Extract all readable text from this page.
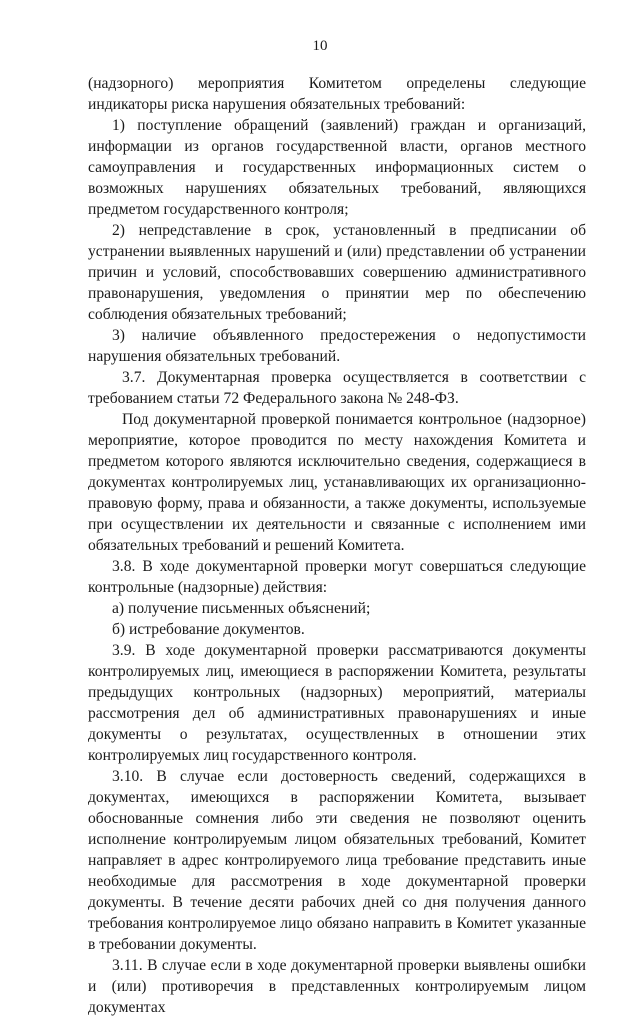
10

(надзорного) мероприятия Комитетом определены следующие индикаторы риска нарушения обязательных требований:

1) поступление обращений (заявлений) граждан и организаций, информации из органов государственной власти, органов местного самоуправления и государственных информационных систем о возможных нарушениях обязательных требований, являющихся предметом государственного контроля;

2) непредставление в срок, установленный в предписании об устранении выявленных нарушений и (или) представлении об устранении причин и условий, способствовавших совершению административного правонарушения, уведомления о принятии мер по обеспечению соблюдения обязательных требований;

3) наличие объявленного предостережения о недопустимости нарушения обязательных требований.

3.7. Документарная проверка осуществляется в соответствии с требованием статьи 72 Федерального закона № 248-ФЗ.

Под документарной проверкой понимается контрольное (надзорное) мероприятие, которое проводится по месту нахождения Комитета и предметом которого являются исключительно сведения, содержащиеся в документах контролируемых лиц, устанавливающих их организационно-правовую форму, права и обязанности, а также документы, используемые при осуществлении их деятельности и связанные с исполнением ими обязательных требований и решений Комитета.

3.8. В ходе документарной проверки могут совершаться следующие контрольные (надзорные) действия:

а) получение письменных объяснений;

б) истребование документов.

3.9. В ходе документарной проверки рассматриваются документы контролируемых лиц, имеющиеся в распоряжении Комитета, результаты предыдущих контрольных (надзорных) мероприятий, материалы рассмотрения дел об административных правонарушениях и иные документы о результатах, осуществленных в отношении этих контролируемых лиц государственного контроля.

3.10. В случае если достоверность сведений, содержащихся в документах, имеющихся в распоряжении Комитета, вызывает обоснованные сомнения либо эти сведения не позволяют оценить исполнение контролируемым лицом обязательных требований, Комитет направляет в адрес контролируемого лица требование представить иные необходимые для рассмотрения в ходе документарной проверки документы. В течение десяти рабочих дней со дня получения данного требования контролируемое лицо обязано направить в Комитет указанные в требовании документы.

3.11. В случае если в ходе документарной проверки выявлены ошибки и (или) противоречия в представленных контролируемым лицом документах
